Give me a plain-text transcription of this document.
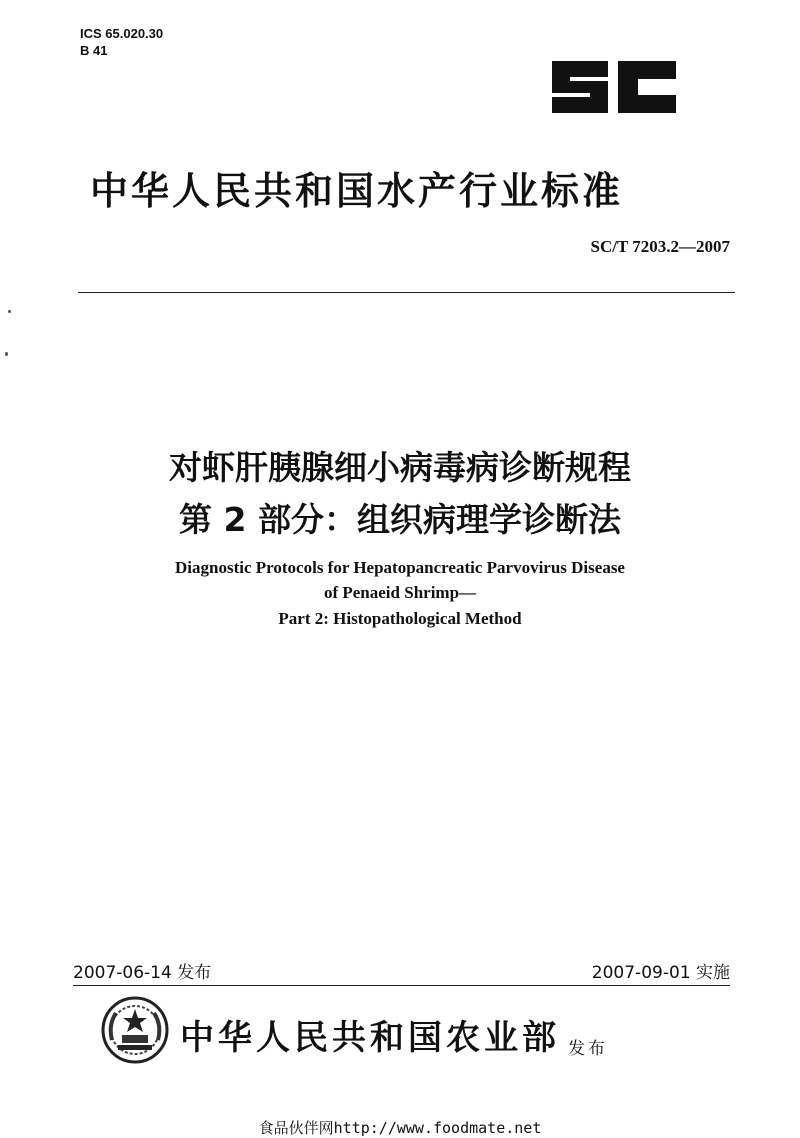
ICS 65.020.30
B 41
中华人民共和国水产行业标准
SC/T 7203.2—2007
对虾肝胰腺细小病毒病诊断规程
第 2 部分：组织病理学诊断法
Diagnostic Protocols for Hepatopancreatic Parvovirus Disease
of Penaeid Shrimp—
Part 2: Histopathological Method
2007-06-14 发布	2007-09-01 实施
中华人民共和国农业部 发布
食品伙伴网http://www.foodmate.net
